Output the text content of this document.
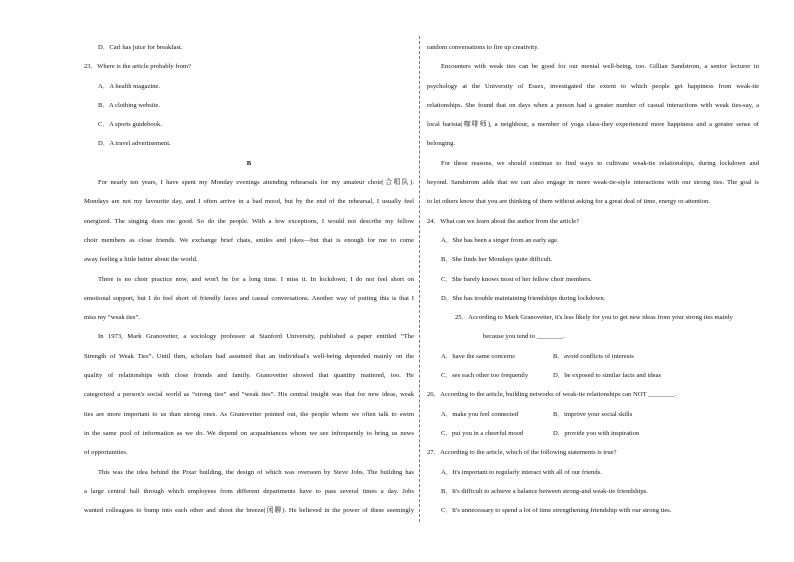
D．Carl has juice for breakfast.
23．Where is the article probably from?
A．A health magazine.
B．A clothing website.
C．A sports guidebook.
D．A travel advertisement.
B
For nearly ten years, I have spent my Monday evenings attending rehearsals for my amateur choir(合唱队).
Mondays are not my favourite day, and I often arrive in a bad mood, but by the end of the rehearsal, I usually feel
energized. The singing does me good. So do the people. With a few exceptions, I would not describe my fellow
choir members as close friends. We exchange brief chats, smiles and jokes—but that is enough for me to come
away feeling a little better about the world.
There is no choir practice now, and won't be for a long time. I miss it. In lockdown, I do not feel short on
emotional support, but I do feel short of friendly faces and casual conversations. Another way of putting this is that I
miss my “weak ties”.
In 1973, Mark Granovetter, a sociology professor at Stanford University, published a paper entitled “The
Strength of Weak Ties”. Until then, scholars had assumed that an individual's well-being depended mainly on the
quality of relationships with close friends and family. Granovetter showed that quantity mattered, too. He
categorized a person's social world as “strong ties” and “weak ties”. His central insight was that for new ideas, weak
ties are more important to us than strong ones. As Granovetter pointed out, the people whom we often talk to swim
in the same pool of information as we do. We depend on acquaintances whom we see infrequently to bring us news
of opportunities.
This was the idea behind the Pixar building, the design of which was overseen by Steve Jobs. The building has
a large central hall through which employees from different departments have to pass several times a day. Jobs
wanted colleagues to bump into each other and shoot the breeze(闲聊). He believed in the power of these seemingly
random conversations to fire up creativity.
Encounters with weak ties can be good for our mental well-being, too. Gillian Sandstrom, a senior lecturer in
psychology at the University of Essex, investigated the extent to which people get happiness from weak-tie
relationships. She found that on days when a person had a greater number of casual interactions with weak ties-say, a
local barista(咖啡师), a neighbour, a member of yoga class-they experienced more happiness and a greater sense of
belonging.
For these reasons, we should continue to find ways to cultivate weak-tie relationships, during lockdown and
beyond. Sandstrom adds that we can also engage in more weak-tie-style interactions with our strong ties. The goal is
to let others know that you are thinking of them without asking for a great deal of time, energy or attention.
24．What can we learn about the author from the article?
A．She has been a singer from an early age.
B．She finds her Mondays quite difficult.
C．She barely knows most of her fellow choir members.
D．She has trouble maintaining friendships during lockdown.
25．According to Mark Granovetter, it's less likely for you to get new ideas from your strong ties mainly
because you tend to ________.
A．have the same concerns	B．avoid conflicts of interests
C．see each other too frequently	D．be exposed to similar facts and ideas
26．According to the article, building networks of weak-tie relationships can NOT ________.
A．make you feel connected	B．improve your social skills
C．put you in a cheerful mood	D．provide you with inspiration
27．According to the article, which of the following statements is true?
A．It's important to regularly interact with all of our friends.
B．It's difficult to achieve a balance between strong-and weak-tie friendships.
C．It's unnecessary to spend a lot of time strengthening friendship with our strong ties.
